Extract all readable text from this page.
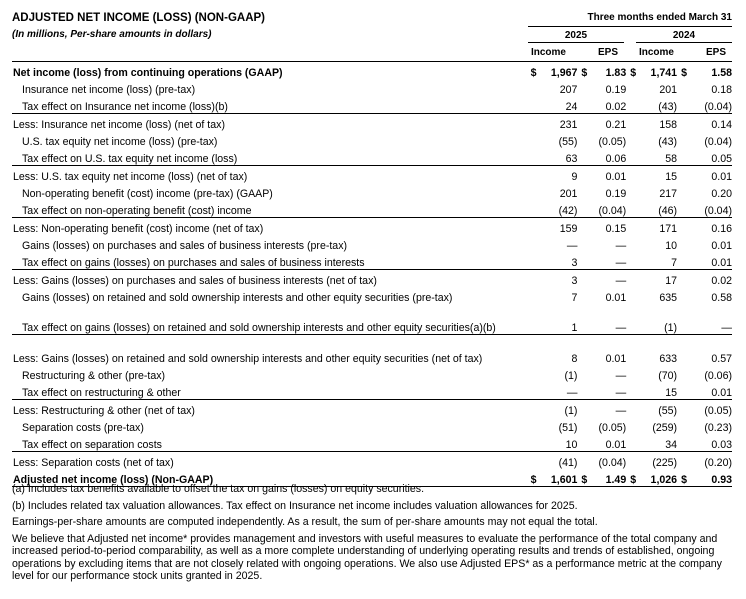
ADJUSTED NET INCOME (LOSS) (NON-GAAP)
(In millions, Per-share amounts in dollars)
Three months ended March 31
2025	2024
Income	EPS	Income	EPS
Net income (loss) from continuing operations (GAAP)	$	1,967	$	1.83	$	1,741	$	1.58
Insurance net income (loss) (pre-tax)		207		0.19		201		0.18
Tax effect on Insurance net income (loss)(b)		24		0.02		(43)		(0.04)
Less: Insurance net income (loss) (net of tax)		231		0.21		158		0.14
U.S. tax equity net income (loss) (pre-tax)		(55)		(0.05)		(43)		(0.04)
Tax effect on U.S. tax equity net income (loss)		63		0.06		58		0.05
Less: U.S. tax equity net income (loss) (net of tax)		9		0.01		15		0.01
Non-operating benefit (cost) income (pre-tax) (GAAP)		201		0.19		217		0.20
Tax effect on non-operating benefit (cost) income		(42)		(0.04)		(46)		(0.04)
Less: Non-operating benefit (cost) income (net of tax)		159		0.15		171		0.16
Gains (losses) on purchases and sales of business interests (pre-tax)		—		—		10		0.01
Tax effect on gains (losses) on purchases and sales of business interests		3		—		7		0.01
Less: Gains (losses) on purchases and sales of business interests (net of tax)		3		—		17		0.02
Gains (losses) on retained and sold ownership interests and other equity securities (pre-tax)		7		0.01		635		0.58
Tax effect on gains (losses) on retained and sold ownership interests and other equity securities(a)(b)		1		—		(1)		—
Less: Gains (losses) on retained and sold ownership interests and other equity securities (net of tax)		8		0.01		633		0.57
Restructuring & other (pre-tax)		(1)		—		(70)		(0.06)
Tax effect on restructuring & other		—		—		15		0.01
Less: Restructuring & other (net of tax)		(1)		—		(55)		(0.05)
Separation costs (pre-tax)		(51)		(0.05)		(259)		(0.23)
Tax effect on separation costs		10		0.01		34		0.03
Less: Separation costs (net of tax)		(41)		(0.04)		(225)		(0.20)
Adjusted net income (loss) (Non-GAAP)	$	1,601	$	1.49	$	1,026	$	0.93

(a) Includes tax benefits available to offset the tax on gains (losses) on equity securities.

(b) Includes related tax valuation allowances. Tax effect on Insurance net income includes valuation allowances for 2025.

Earnings-per-share amounts are computed independently. As a result, the sum of per-share amounts may not equal the total.

We believe that Adjusted net income* provides management and investors with useful measures to evaluate the performance of the total company and increased period-to-period comparability, as well as a more complete understanding of underlying operating results and trends of established, ongoing operations by excluding items that are not closely related with ongoing operations. We also use Adjusted EPS* as a performance metric at the company level for our performance stock units granted in 2025.
